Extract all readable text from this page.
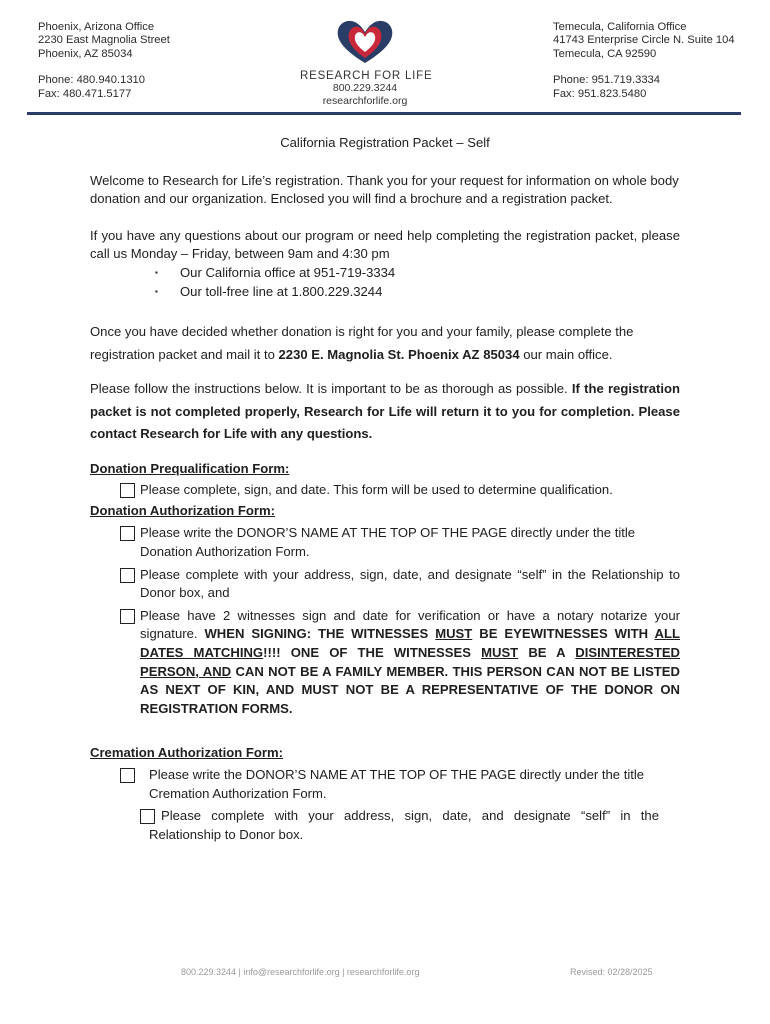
Phoenix, Arizona Office
2230 East Magnolia Street
Phoenix, AZ 85034
Phone: 480.940.1310
Fax: 480.471.5177
RESEARCH FOR LIFE
800.229.3244
researchforlife.org
Temecula, California Office
41743 Enterprise Circle N. Suite 104
Temecula, CA 92590
Phone: 951.719.3334
Fax: 951.823.5480
California Registration Packet – Self

Welcome to Research for Life’s registration. Thank you for your request for information on whole body donation and our organization. Enclosed you will find a brochure and a registration packet.

If you have any questions about our program or need help completing the registration packet, please call us Monday – Friday, between 9am and 4:30 pm

▪ Our California office at 951-719-3334
▪ Our toll-free line at 1.800.229.3244

Once you have decided whether donation is right for you and your family, please complete the registration packet and mail it to 2230 E. Magnolia St. Phoenix AZ 85034 our main office.

Please follow the instructions below. It is important to be as thorough as possible. If the registration packet is not completed properly, Research for Life will return it to you for completion. Please contact Research for Life with any questions.

Donation Prequalification Form:
Please complete, sign, and date. This form will be used to determine qualification.
Donation Authorization Form:
Please write the DONOR’S NAME AT THE TOP OF THE PAGE directly under the title Donation Authorization Form.
Please complete with your address, sign, date, and designate “self” in the Relationship to Donor box, and
Please have 2 witnesses sign and date for verification or have a notary notarize your signature. WHEN SIGNING: THE WITNESSES MUST BE EYEWITNESSES WITH ALL DATES MATCHING!!!! ONE OF THE WITNESSES MUST BE A DISINTERESTED PERSON, AND CAN NOT BE A FAMILY MEMBER. THIS PERSON CAN NOT BE LISTED AS NEXT OF KIN, AND MUST NOT BE A REPRESENTATIVE OF THE DONOR ON REGISTRATION FORMS.
Cremation Authorization Form:
Please write the DONOR’S NAME AT THE TOP OF THE PAGE directly under the title Cremation Authorization Form.
Please complete with your address, sign, date, and designate “self” in the Relationship to Donor box.
800.229.3244 | info@researchforlife.org | researchforlife.org	Revised: 02/28/2025
